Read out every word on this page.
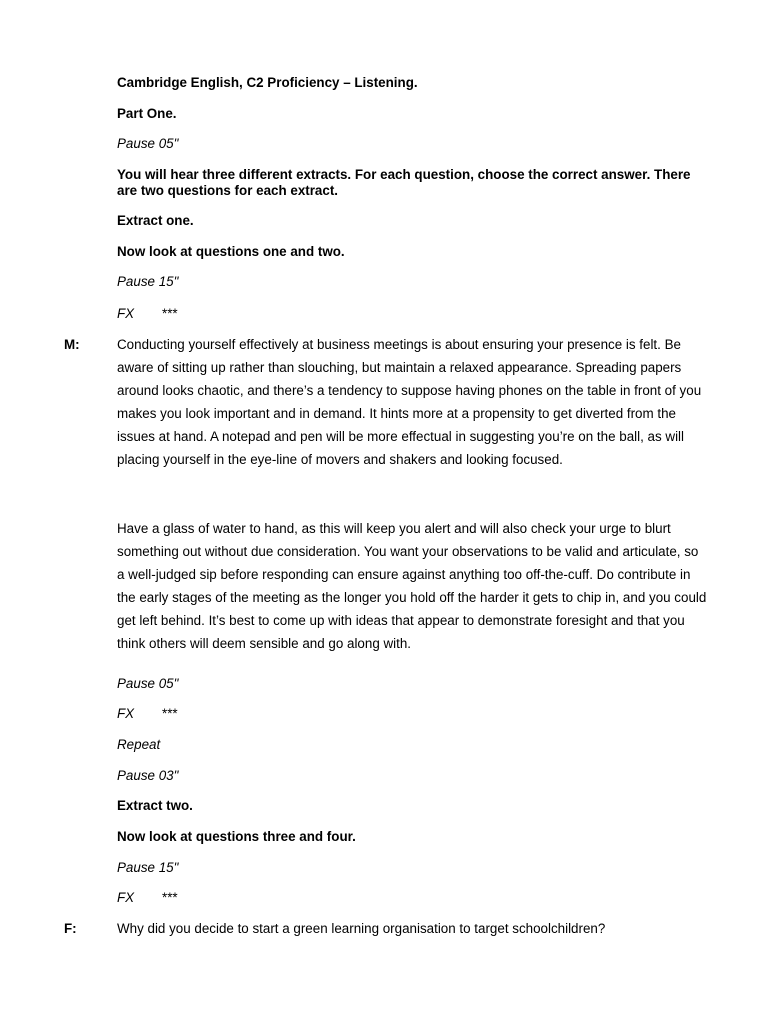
Cambridge English, C2 Proficiency – Listening.
Part One.
Pause 05"
You will hear three different extracts. For each question, choose the correct answer. There are two questions for each extract.
Extract one.
Now look at questions one and two.
Pause 15"
FX ***
M:	Conducting yourself effectively at business meetings is about ensuring your presence is felt. Be aware of sitting up rather than slouching, but maintain a relaxed appearance. Spreading papers around looks chaotic, and there’s a tendency to suppose having phones on the table in front of you makes you look important and in demand. It hints more at a propensity to get diverted from the issues at hand. A notepad and pen will be more effectual in suggesting you’re on the ball, as will placing yourself in the eye-line of movers and shakers and looking focused.
Have a glass of water to hand, as this will keep you alert and will also check your urge to blurt something out without due consideration. You want your observations to be valid and articulate, so a well-judged sip before responding can ensure against anything too off-the-cuff. Do contribute in the early stages of the meeting as the longer you hold off the harder it gets to chip in, and you could get left behind. It’s best to come up with ideas that appear to demonstrate foresight and that you think others will deem sensible and go along with.
Pause 05"
FX ***
Repeat
Pause 03"
Extract two.
Now look at questions three and four.
Pause 15"
FX ***
F:	Why did you decide to start a green learning organisation to target schoolchildren?
